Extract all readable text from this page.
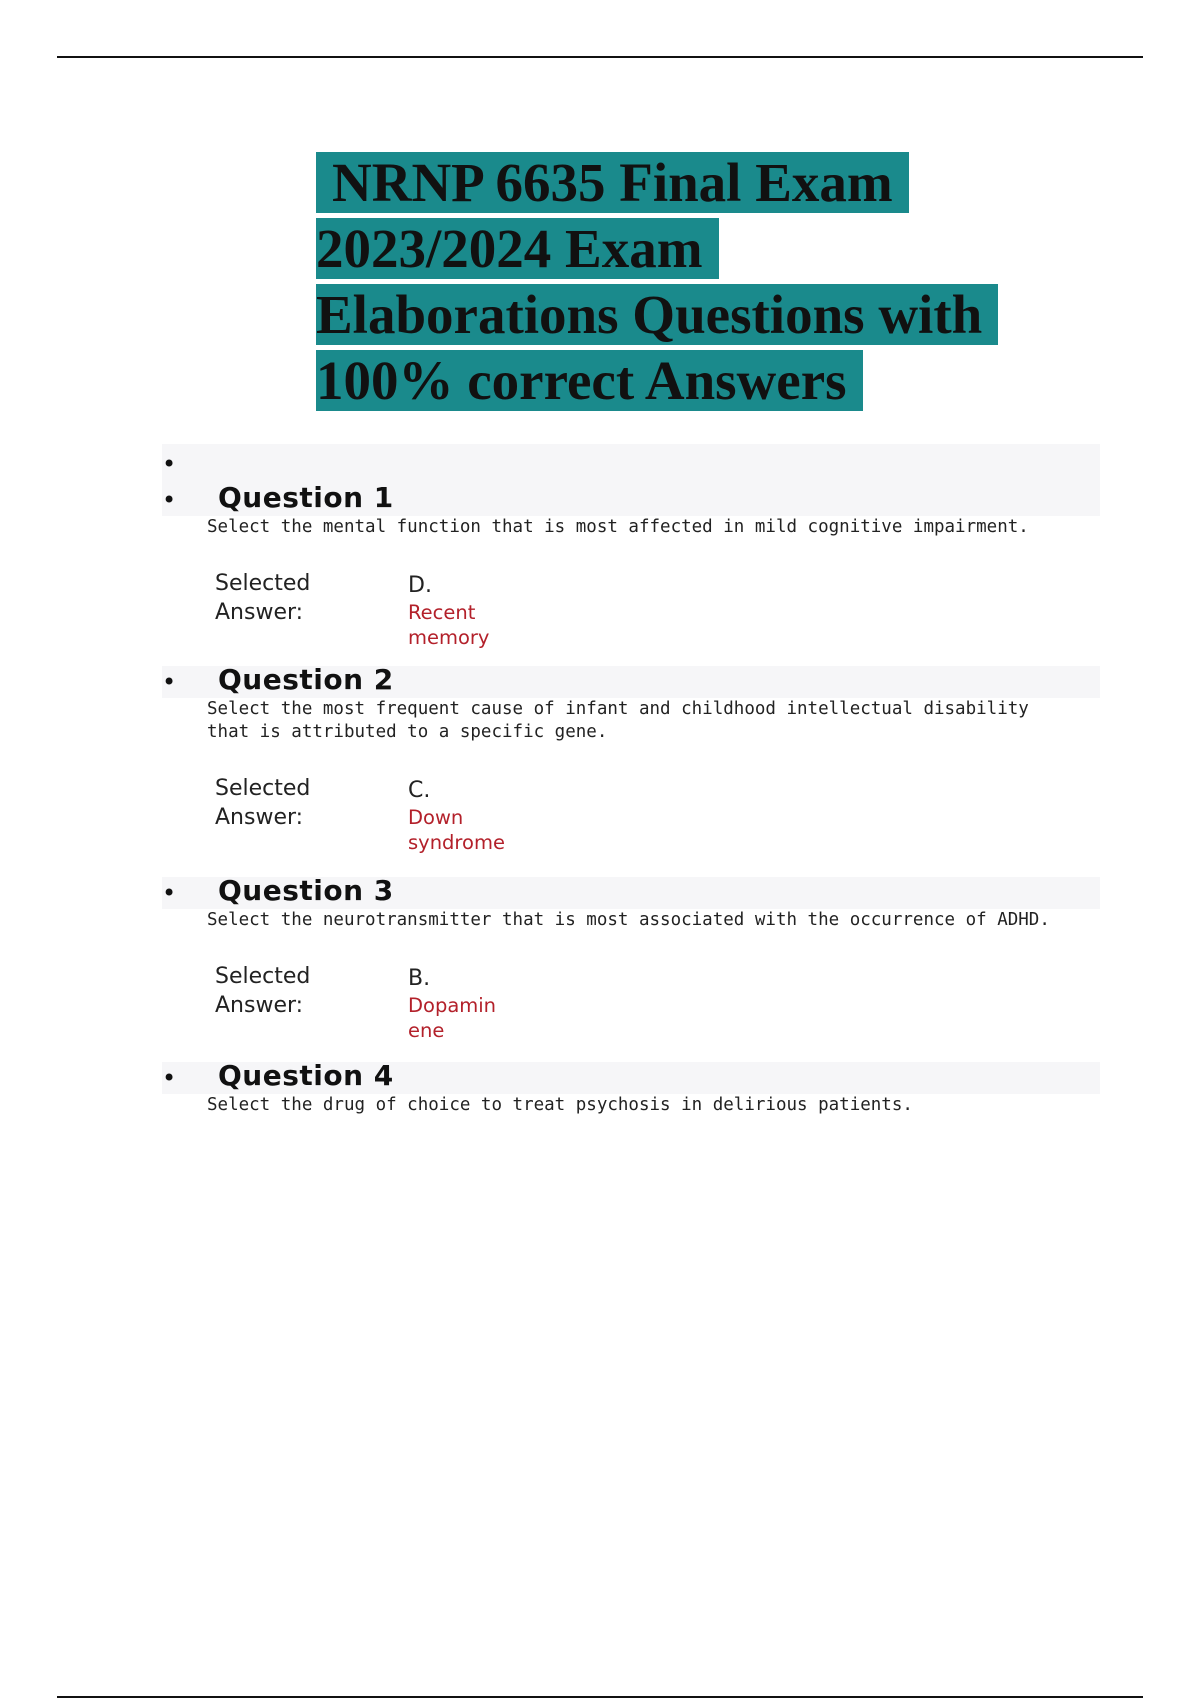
NRNP 6635 Final Exam
2023/2024 Exam
Elaborations Questions with
100% correct Answers
•
• Question 1

Select the mental function that is most affected in mild cognitive impairment.

Selected
Answer:
D.
Recent
memory
• Question 2

Select the most frequent cause of infant and childhood intellectual disability that is attributed to a specific gene.

Selected
Answer:
C.
Down
syndrome
• Question 3

Select the neurotransmitter that is most associated with the occurrence of ADHD.

Selected
Answer:
B.
Dopamin
ene
• Question 4

Select the drug of choice to treat psychosis in delirious patients.
